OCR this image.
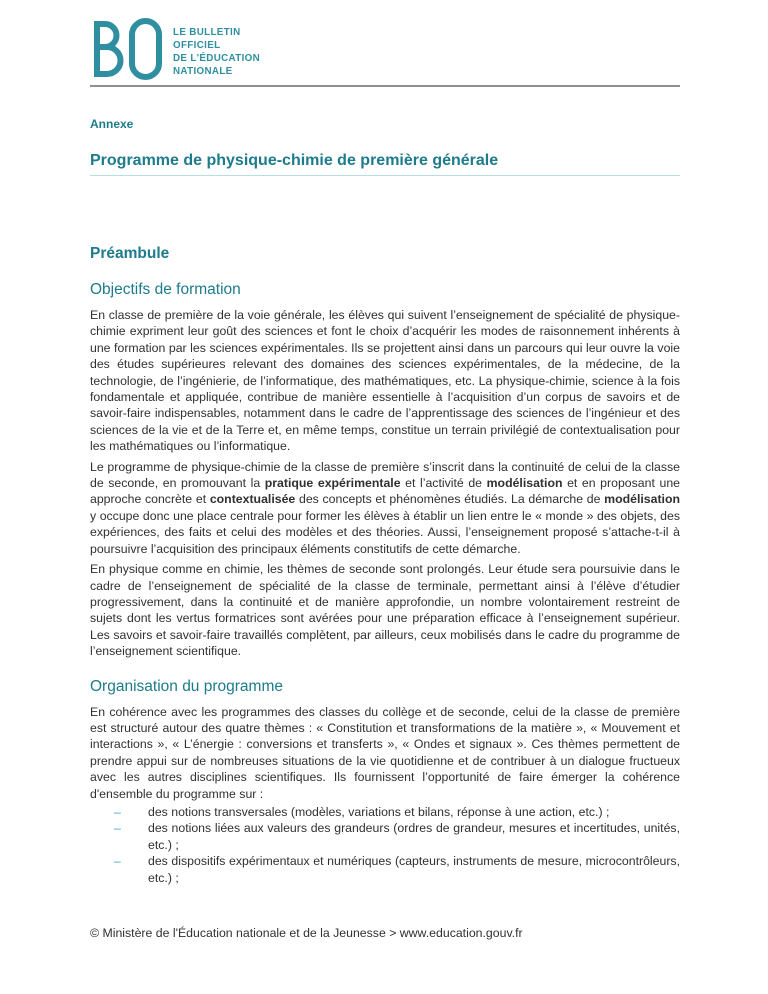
LE BULLETIN
OFFICIEL
DE L'ÉDUCATION
NATIONALE
Annexe
Programme de physique-chimie de première générale
Préambule
Objectifs de formation

En classe de première de la voie générale, les élèves qui suivent l’enseignement de spécialité de physique-chimie expriment leur goût des sciences et font le choix d’acquérir les modes de raisonnement inhérents à une formation par les sciences expérimentales. Ils se projettent ainsi dans un parcours qui leur ouvre la voie des études supérieures relevant des domaines des sciences expérimentales, de la médecine, de la technologie, de l’ingénierie, de l’informatique, des mathématiques, etc. La physique-chimie, science à la fois fondamentale et appliquée, contribue de manière essentielle à l’acquisition d’un corpus de savoirs et de savoir-faire indispensables, notamment dans le cadre de l’apprentissage des sciences de l’ingénieur et des sciences de la vie et de la Terre et, en même temps, constitue un terrain privilégié de contextualisation pour les mathématiques ou l’informatique.

Le programme de physique-chimie de la classe de première s’inscrit dans la continuité de celui de la classe de seconde, en promouvant la pratique expérimentale et l’activité de modélisation et en proposant une approche concrète et contextualisée des concepts et phénomènes étudiés. La démarche de modélisation y occupe donc une place centrale pour former les élèves à établir un lien entre le « monde » des objets, des expériences, des faits et celui des modèles et des théories. Aussi, l’enseignement proposé s’attache-t-il à poursuivre l’acquisition des principaux éléments constitutifs de cette démarche.

En physique comme en chimie, les thèmes de seconde sont prolongés. Leur étude sera poursuivie dans le cadre de l’enseignement de spécialité de la classe de terminale, permettant ainsi à l’élève d’étudier progressivement, dans la continuité et de manière approfondie, un nombre volontairement restreint de sujets dont les vertus formatrices sont avérées pour une préparation efficace à l’enseignement supérieur. Les savoirs et savoir-faire travaillés complètent, par ailleurs, ceux mobilisés dans le cadre du programme de l’enseignement scientifique.

Organisation du programme

En cohérence avec les programmes des classes du collège et de seconde, celui de la classe de première est structuré autour des quatre thèmes : « Constitution et transformations de la matière », « Mouvement et interactions », « L’énergie : conversions et transferts », « Ondes et signaux ». Ces thèmes permettent de prendre appui sur de nombreuses situations de la vie quotidienne et de contribuer à un dialogue fructueux avec les autres disciplines scientifiques. Ils fournissent l’opportunité de faire émerger la cohérence d'ensemble du programme sur :

– des notions transversales (modèles, variations et bilans, réponse à une action, etc.) ;
– des notions liées aux valeurs des grandeurs (ordres de grandeur, mesures et incertitudes, unités, etc.) ;
– des dispositifs expérimentaux et numériques (capteurs, instruments de mesure, microcontrôleurs, etc.) ;
© Ministère de l'Éducation nationale et de la Jeunesse > www.education.gouv.fr
